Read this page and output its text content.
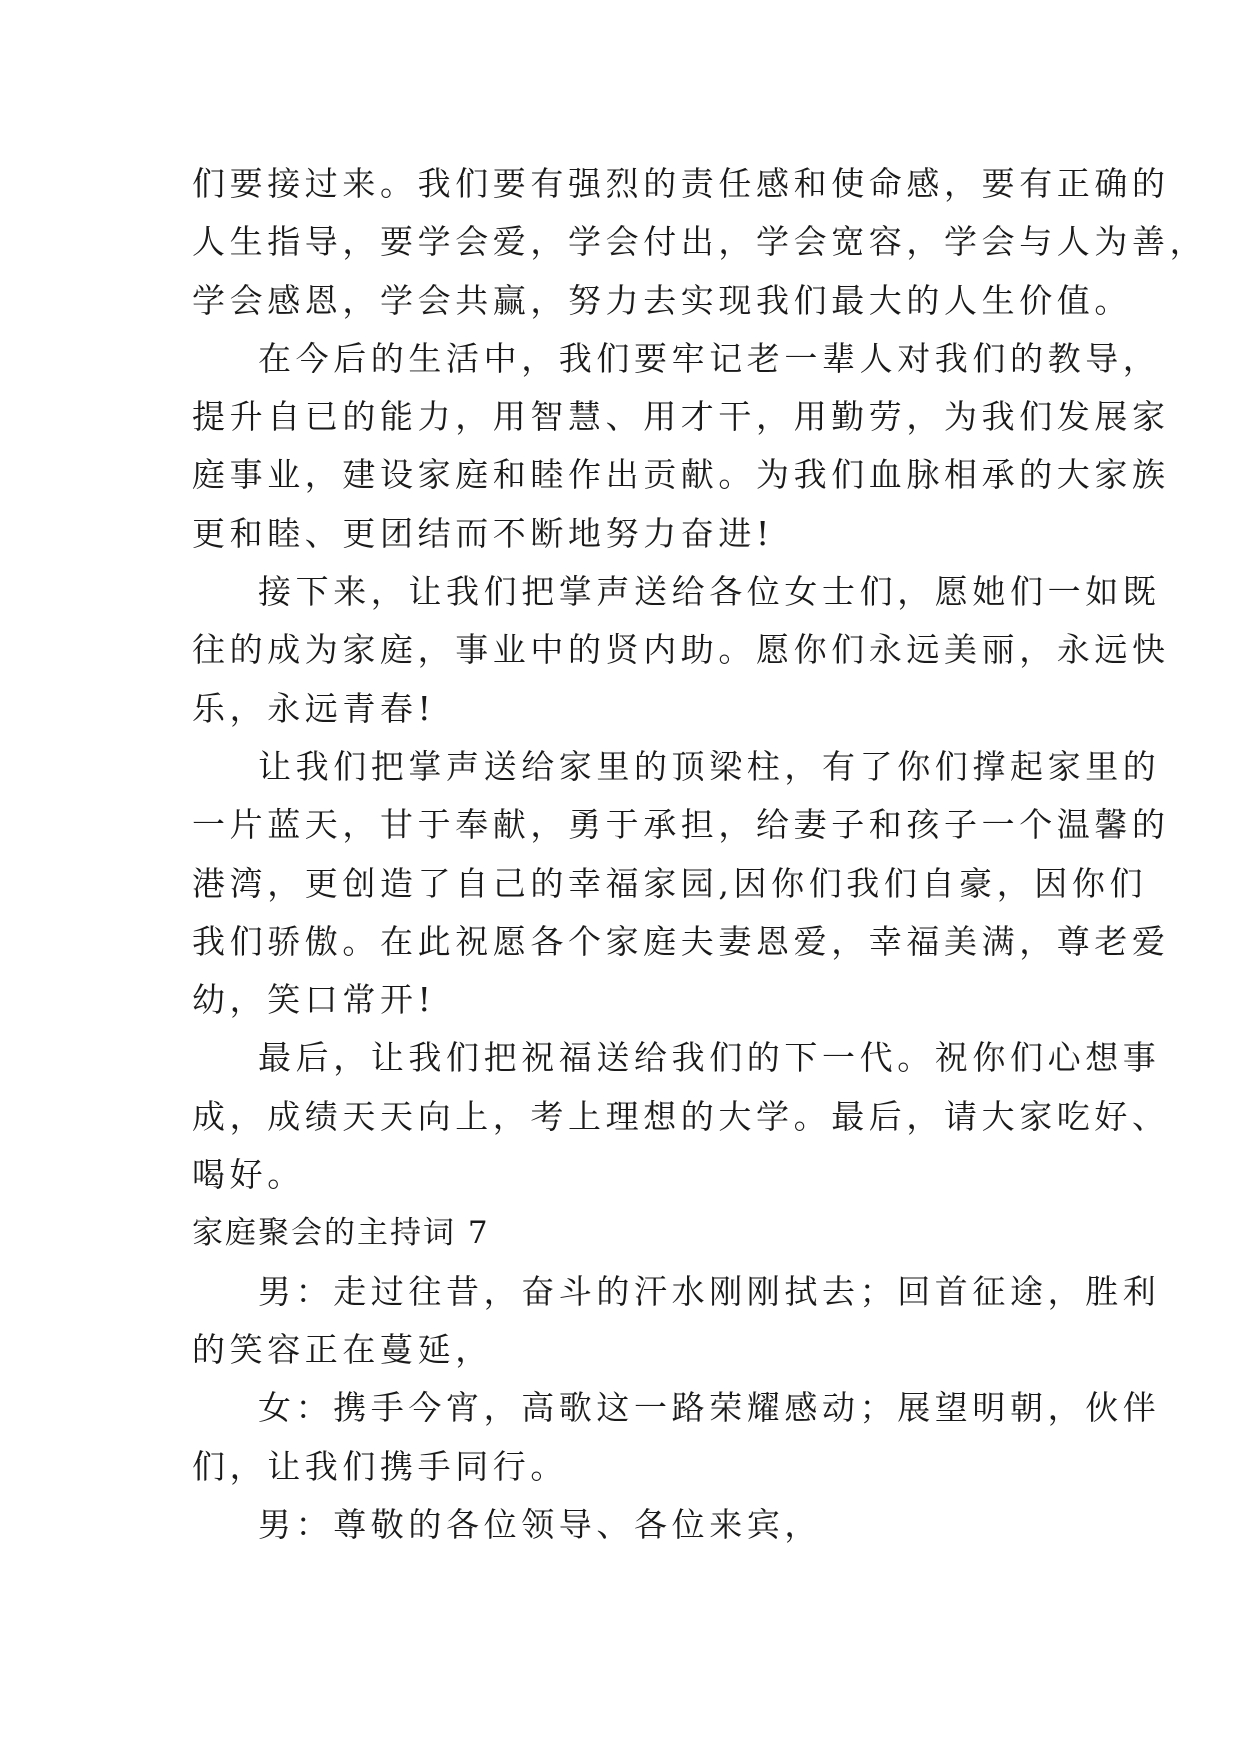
们要接过来。我们要有强烈的责任感和使命感，要有正确的
人生指导，要学会爱，学会付出，学会宽容，学会与人为善，
学会感恩，学会共赢，努力去实现我们最大的人生价值。
在今后的生活中，我们要牢记老一辈人对我们的教导，
提升自已的能力，用智慧、用才干，用勤劳，为我们发展家
庭事业，建设家庭和睦作出贡献。为我们血脉相承的大家族
更和睦、更团结而不断地努力奋进!
接下来，让我们把掌声送给各位女士们，愿她们一如既
往的成为家庭，事业中的贤内助。愿你们永远美丽，永远快
乐，永远青春!
让我们把掌声送给家里的顶梁柱，有了你们撑起家里的
一片蓝天，甘于奉献，勇于承担，给妻子和孩子一个温馨的
港湾，更创造了自己的幸福家园,因你们我们自豪，因你们
我们骄傲。在此祝愿各个家庭夫妻恩爱，幸福美满，尊老爱
幼，笑口常开!
最后，让我们把祝福送给我们的下一代。祝你们心想事
成，成绩天天向上，考上理想的大学。最后，请大家吃好、
喝好。
家庭聚会的主持词 7
男：走过往昔，奋斗的汗水刚刚拭去；回首征途，胜利
的笑容正在蔓延，
女：携手今宵，高歌这一路荣耀感动；展望明朝，伙伴
们，让我们携手同行。
男：尊敬的各位领导、各位来宾，
